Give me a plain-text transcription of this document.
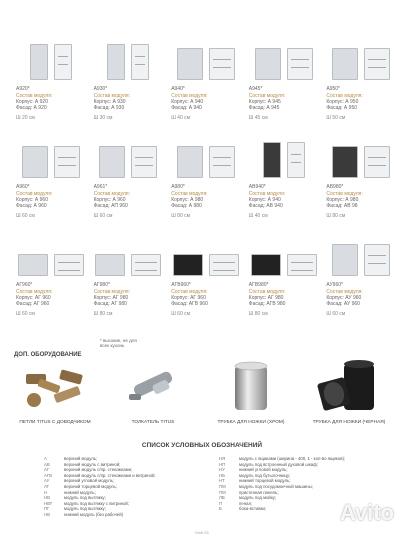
A920*
Состав модуля:
Корпус: А 920
Фасад: А 920
Ш 20 см
A930*
Состав модуля:
Корпус: А 930
Фасад: А 930
Ш 30 см
A940*
Состав модуля:
Корпус: А 940
Фасад: А 940
Ш 40 см
A945*
Состав модуля:
Корпус: А 945
Фасад: А 945
Ш 45 см
A950*
Состав модуля:
Корпус: А 950
Фасад: А 950
Ш 50 см
A960*
Состав модуля:
Корпус: А 960
Фасад: А 960
Ш 60 см
A961*
Состав модуля:
Корпус: А 960
Фасад: АП 960
Ш 60 см
A980*
Состав модуля:
Корпус: А 980
Фасад: А 980
Ш 80 см
AB940*
Состав модуля:
Корпус: А 940
Фасад: АВ 940
Ш 40 см
AB980*
Состав модуля:
Корпус: А 980
Фасад: АВ 98
Ш 80 см
АГ960*
Состав модуля:
Корпус: АГ 960
Фасад: АГ 960
Ш 60 см
АГ980*
Состав модуля:
Корпус: АГ 980
Фасад: АГ 980
Ш 80 см
АГВ960*
Состав модуля:
Корпус: АГ 960
Фасад: АГВ 960
Ш 60 см
АГВ980*
Состав модуля:
Корпус: АГ 980
Фасад: АГВ 980
Ш 80 см
АУ960*
Состав модуля:
Корпус: АУ 960
Фасад: АУ 960
Ш 60 см
* высокие, не для всех кухонь
ДОП. ОБОРУДОВАНИЕ
ПЕТЛИ TITUS С ДОВОДЧИКОМ	ТОЛКАТЕЛЬ TITUS	ТРУБКА ДЛЯ НОЖКИ (ХРОМ)	ТРУБКА ДЛЯ НОЖКИ (ЧЕРНАЯ)
СПИСОК УСЛОВНЫХ ОБОЗНАЧЕНИЙ
А	верхний модуль;
АВ	верхний модуль с витриной;
АГ	верхний модуль с/пр. стекожками;
АГВ	верхний модуль с/пр. стекожками и витриной;
АУ	верхний угловой модуль;
АТ	верхний торцевой модуль;
Н	нижний модуль;
НВ	модуль под вытяжку;
НВТ	модуль под вытяжку с витриной;
ПГ	модуль под вытяжку;
НВ	нижний модуль (без рабочей)
НЯ	модуль с ящиками (ширина - 400, 1 - кол-во ящиков);
НП	модуль под встроенный духовой шкаф;
НУ	нижний угловой модуль;
НБ	модуль под бутылочницу;
НТ	нижний торцевой модуль;
ПМ	модуль под посудомоечной машины;
ПМ	пристенная панель;
ЛВ	модуль под мойку;
П	пенал;
Б	бока-вставки;
Май 55
Avito
